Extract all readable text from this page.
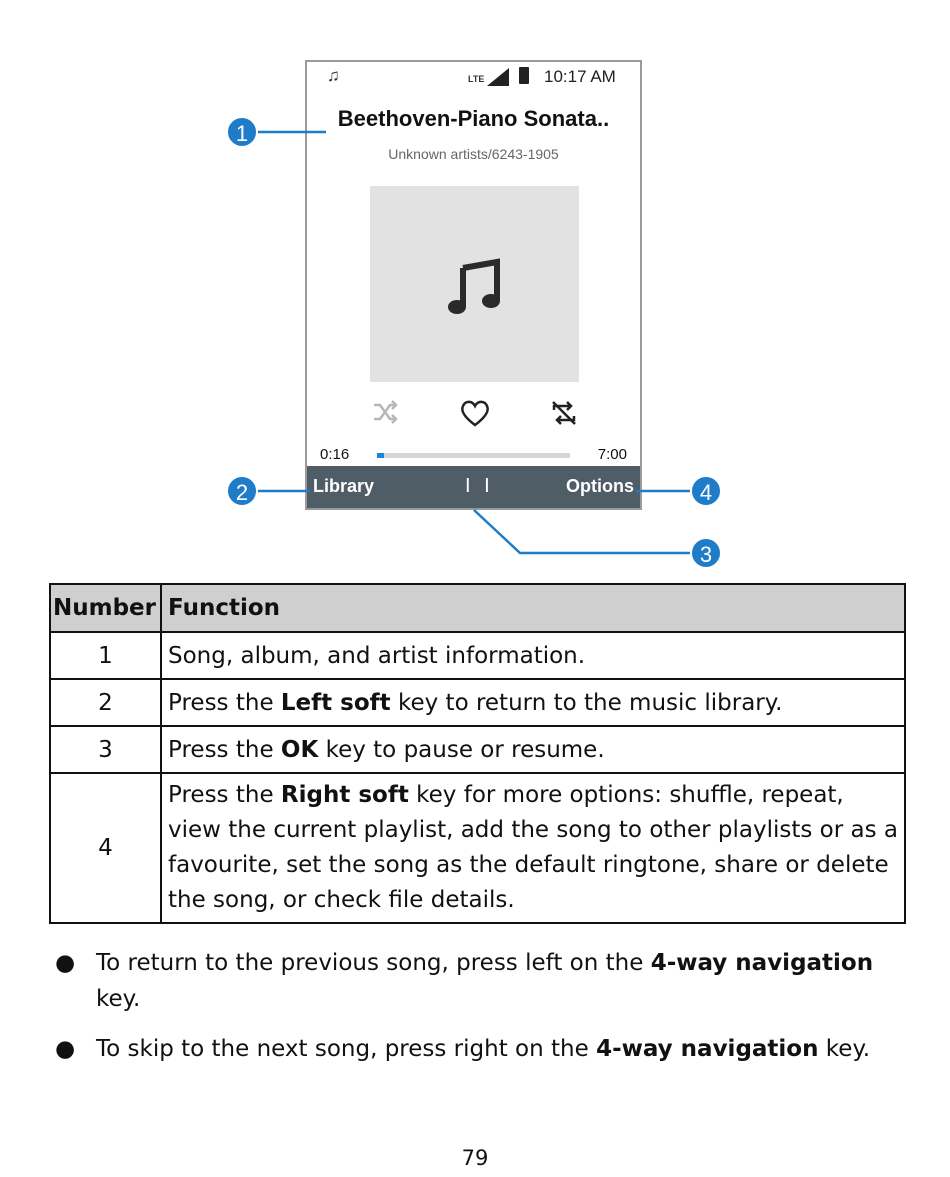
♫	LTE	10:17 AM
Beethoven-Piano Sonata..
Unknown artists/6243-1905
0:16	7:00
Library	I I	Options
1
2	4
3
Number	Function
1	Song, album, and artist information.
2	Press the Left soft key to return to the music library.
3	Press the OK key to pause or resume.
4	Press the Right soft key for more options: shuffle, repeat, view the current playlist, add the song to other playlists or as a favourite, set the song as the default ringtone, share or delete the song, or check file details.
● To return to the previous song, press left on the 4-way navigation key.
● To skip to the next song, press right on the 4-way navigation key.
79
